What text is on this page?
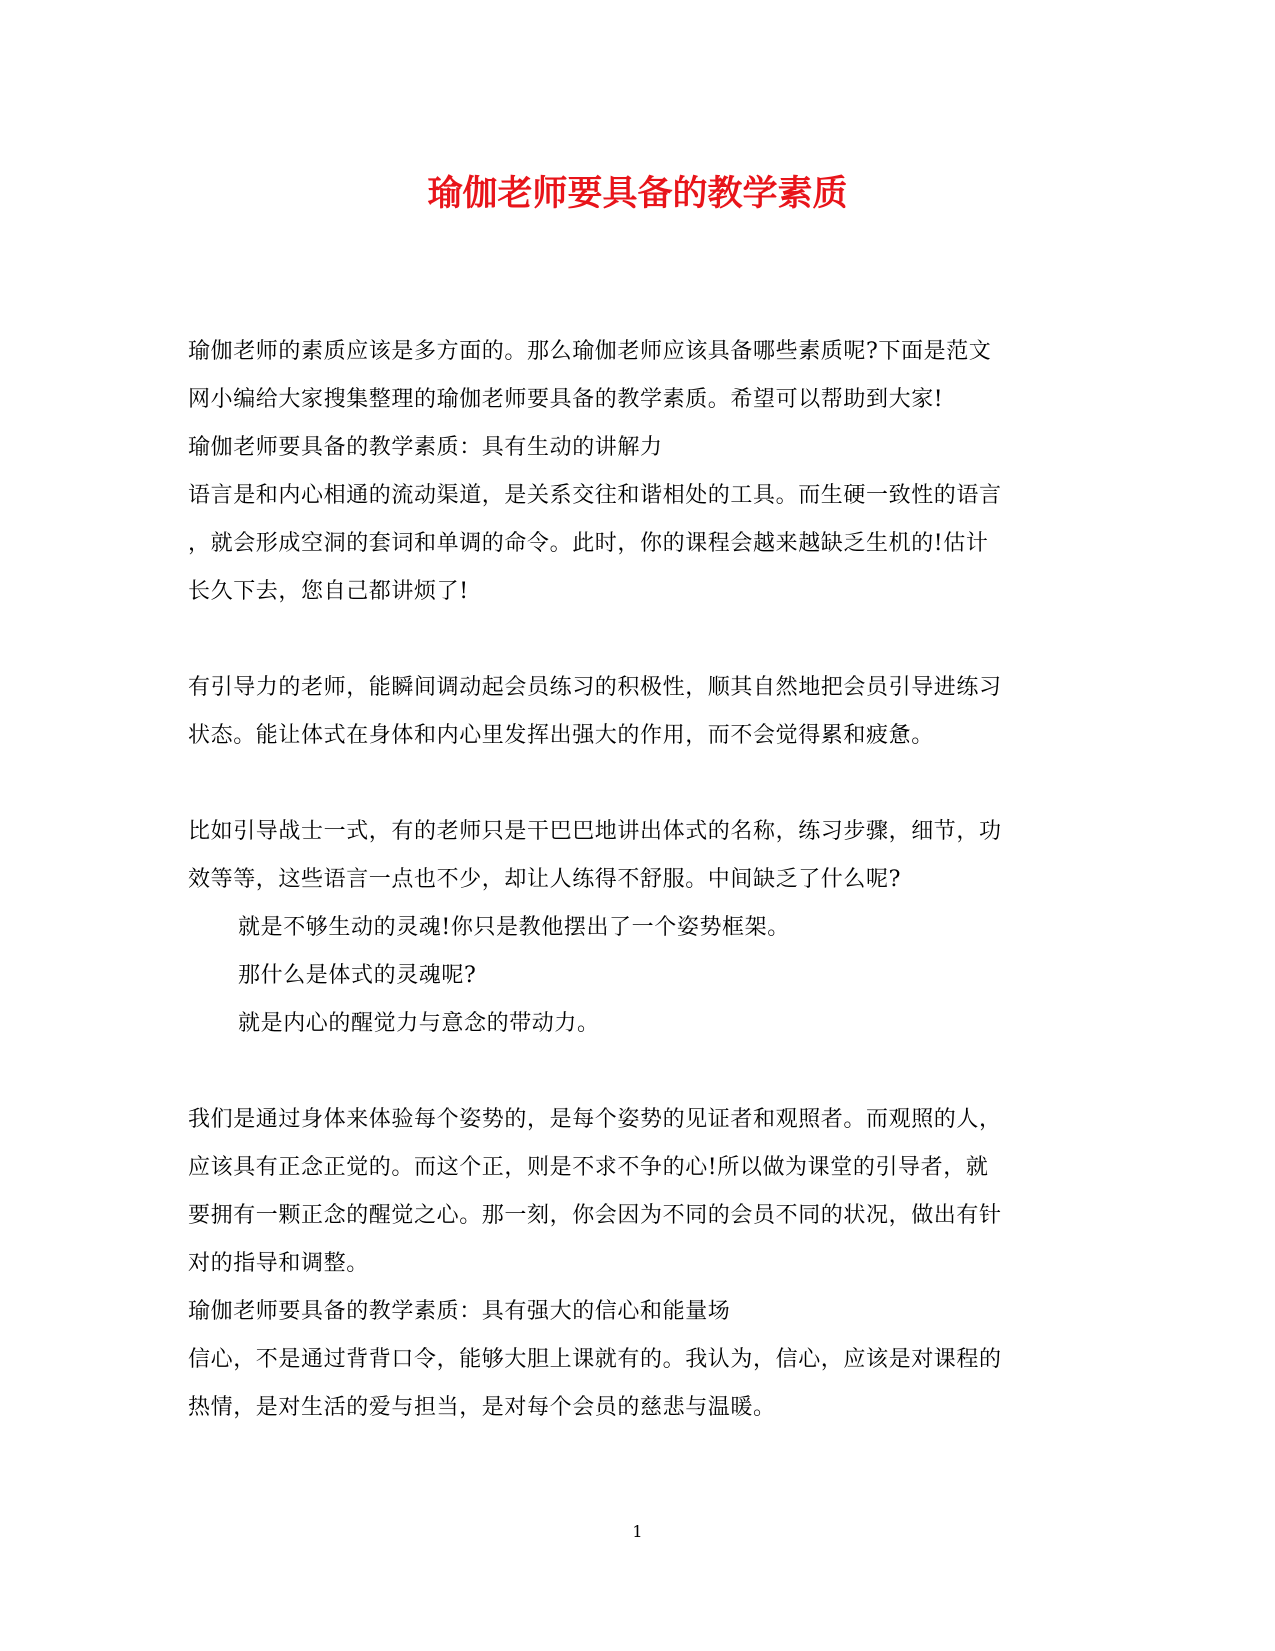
瑜伽老师要具备的教学素质

瑜伽老师的素质应该是多方面的。那么瑜伽老师应该具备哪些素质呢?下面是范文

网小编给大家搜集整理的瑜伽老师要具备的教学素质。希望可以帮助到大家!

瑜伽老师要具备的教学素质：具有生动的讲解力

语言是和内心相通的流动渠道，是关系交往和谐相处的工具。而生硬一致性的语言

，就会形成空洞的套词和单调的命令。此时，你的课程会越来越缺乏生机的!估计

长久下去，您自己都讲烦了!

有引导力的老师，能瞬间调动起会员练习的积极性，顺其自然地把会员引导进练习

状态。能让体式在身体和内心里发挥出强大的作用，而不会觉得累和疲惫。

比如引导战士一式，有的老师只是干巴巴地讲出体式的名称，练习步骤，细节，功

效等等，这些语言一点也不少，却让人练得不舒服。中间缺乏了什么呢?

就是不够生动的灵魂!你只是教他摆出了一个姿势框架。

那什么是体式的灵魂呢?

就是内心的醒觉力与意念的带动力。

我们是通过身体来体验每个姿势的，是每个姿势的见证者和观照者。而观照的人，

应该具有正念正觉的。而这个正，则是不求不争的心!所以做为课堂的引导者，就

要拥有一颗正念的醒觉之心。那一刻，你会因为不同的会员不同的状况，做出有针

对的指导和调整。

瑜伽老师要具备的教学素质：具有强大的信心和能量场

信心，不是通过背背口令，能够大胆上课就有的。我认为，信心，应该是对课程的

热情，是对生活的爱与担当，是对每个会员的慈悲与温暖。

1
